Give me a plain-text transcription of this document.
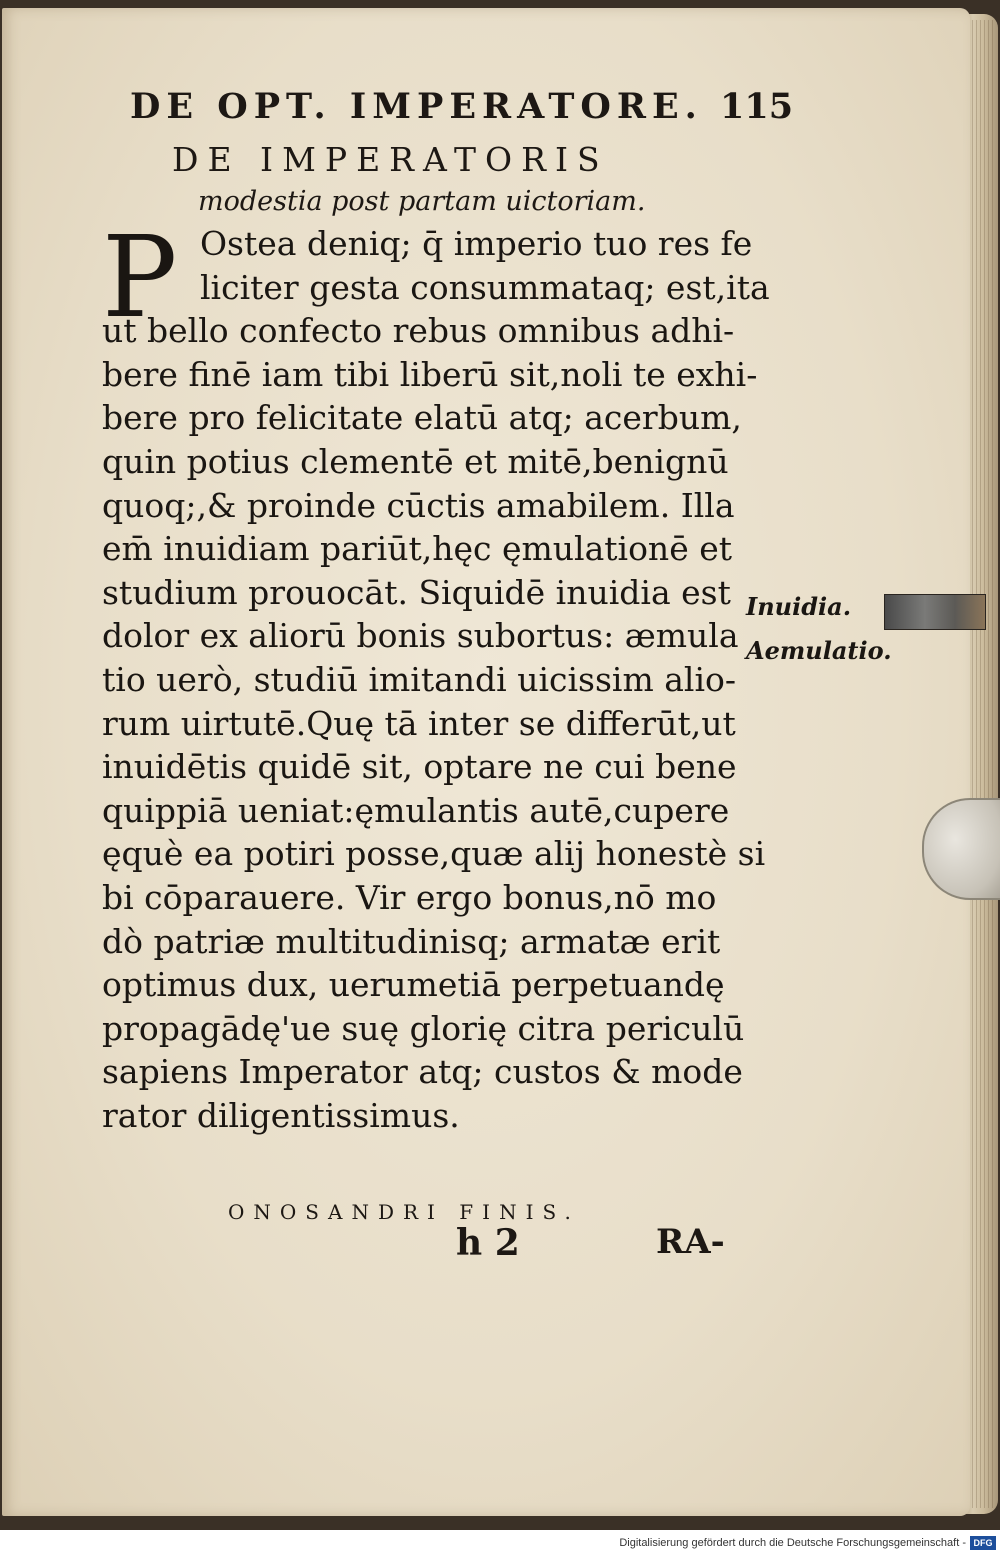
DE OPT. IMPERATORE. 115
DE IMPERATORIS
modestia post partam uictoriam.
P Ostea deniq; q̄ imperio tuo res fe
liciter gesta consummataq; est,ita
ut bello confecto rebus omnibus adhi-
bere finē iam tibi liberū sit,noli te exhi-
bere pro felicitate elatū atq; acerbum,
quin potius clementē et mitē,benignū
quoq;,& proinde cūctis amabilem. Illa
em̄ inuidiam pariūt,hęc ęmulationē et
studium prouocāt. Siquidē inuidia est
dolor ex aliorū bonis subortus: æmula
tio uerò, studiū imitandi uicissim alio-
rum uirtutē.Quę tā inter se differūt,ut
inuidētis quidē sit, optare ne cui bene
quippiā ueniat:ęmulantis autē,cupere
ęquè ea potiri posse,quæ alij honestè si
bi cōparauere. Vir ergo bonus,nō mo
dò patriæ multitudinisq; armatæ erit
optimus dux, uerumetiā perpetuandę
propagādę'ue suę glorię citra periculū
sapiens Imperator atq; custos & mode
rator diligentissimus.
Inuidia.
Aemulatio.
ONOSANDRI FINIS.
h 2	RA-
Digitalisierung gefördert durch die Deutsche Forschungsgemeinschaft - DFG
